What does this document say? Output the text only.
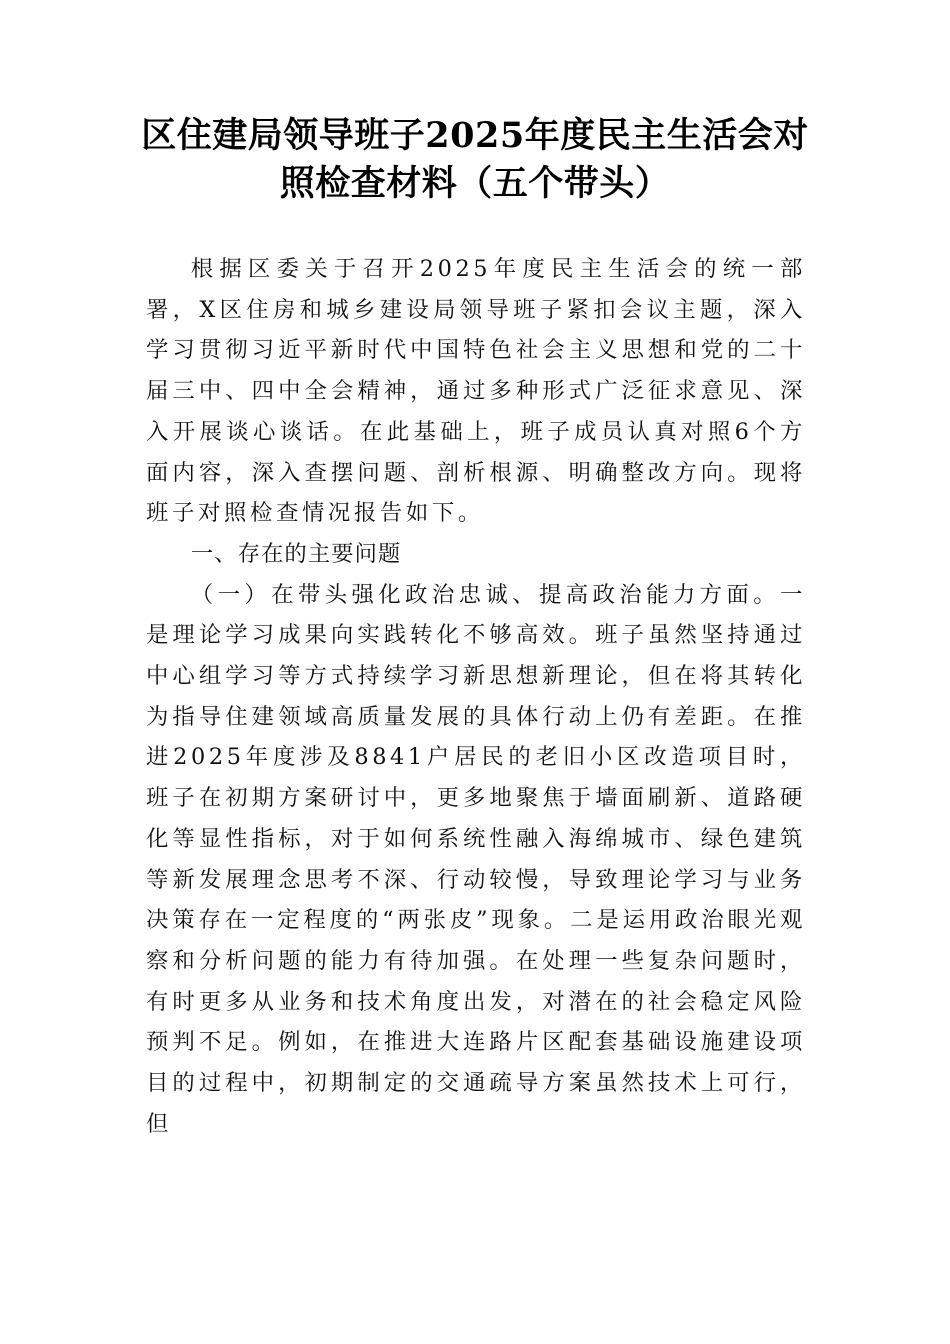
区住建局领导班子2025年度民主生活会对
照检查材料（五个带头）

根据区委关于召开2025年度民主生活会的统一部署，X区住房和城乡建设局领导班子紧扣会议主题，深入学习贯彻习近平新时代中国特色社会主义思想和党的二十届三中、四中全会精神，通过多种形式广泛征求意见、深入开展谈心谈话。在此基础上，班子成员认真对照6个方面内容，深入查摆问题、剖析根源、明确整改方向。现将班子对照检查情况报告如下。

一、存在的主要问题

（一）在带头强化政治忠诚、提高政治能力方面。一是理论学习成果向实践转化不够高效。班子虽然坚持通过中心组学习等方式持续学习新思想新理论，但在将其转化为指导住建领域高质量发展的具体行动上仍有差距。在推进2025年度涉及8841户居民的老旧小区改造项目时，班子在初期方案研讨中，更多地聚焦于墙面刷新、道路硬化等显性指标，对于如何系统性融入海绵城市、绿色建筑等新发展理念思考不深、行动较慢，导致理论学习与业务决策存在一定程度的“两张皮”现象。二是运用政治眼光观察和分析问题的能力有待加强。在处理一些复杂问题时，有时更多从业务和技术角度出发，对潜在的社会稳定风险预判不足。例如，在推进大连路片区配套基础设施建设项目的过程中，初期制定的交通疏导方案虽然技术上可行，但
